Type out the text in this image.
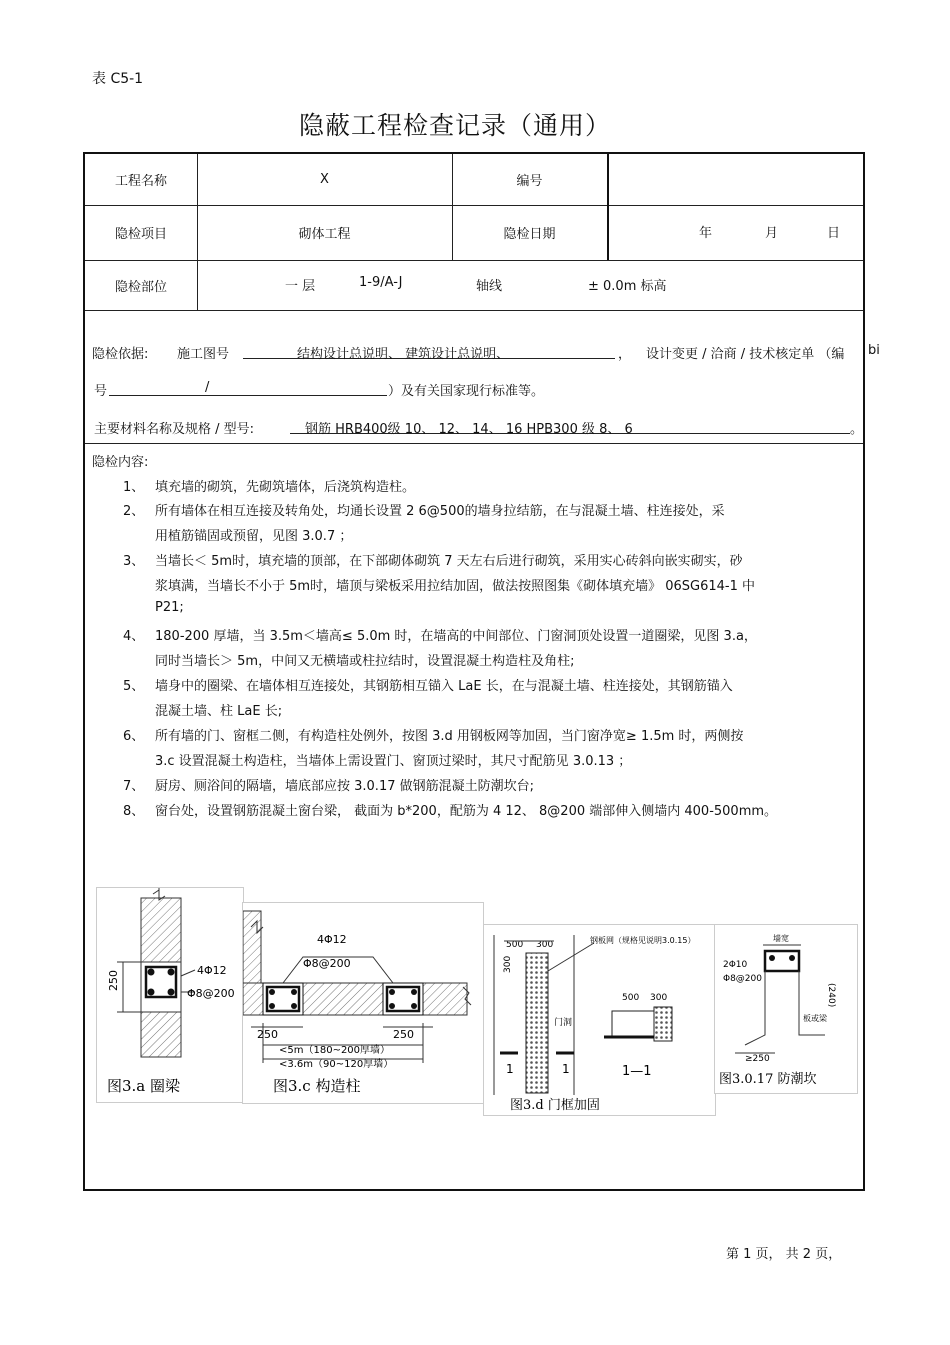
表 C5-1
隐蔽工程检查记录（通用）
工程名称	X	编号
隐检项目	砌体工程	隐检日期	年	月	日
隐检部位	一 层	1-9/A-J	轴线	± 0.0m 标高
隐检依据: 施工图号	结构设计总说明、 建筑设计总说明、	， 设计变更 / 洽商 / 技术核定单 （编 bi
号	/	）及有关国家现行标准等。
主要材料名称及规格 / 型号:	钢筋 HRB400级 10、 12、 14、 16 HPB300 级 8、 6	。
隐检内容:
1、 填充墙的砌筑，先砌筑墙体，后浇筑构造柱。
2、 所有墙体在相互连接及转角处，均通长设置 2 6@500的墙身拉结筋，在与混凝土墙、柱连接处，采
用植筋锚固或预留，见图 3.0.7 ；
3、 当墙长＜ 5m时，填充墙的顶部，在下部砌体砌筑 7 天左右后进行砌筑，采用实心砖斜向嵌实砌实，砂
浆填满，当墙长不小于 5m时，墙顶与梁板采用拉结加固，做法按照图集《砌体填充墙》 06SG614-1 中
P21;
4、 180-200 厚墙，当 3.5m＜墙高≤ 5.0m 时，在墙高的中间部位、门窗洞顶处设置一道圈梁，见图 3.a，
同时当墙长＞ 5m，中间又无横墙或柱拉结时，设置混凝土构造柱及角柱;
5、 墙身中的圈梁、在墙体相互连接处，其钢筋相互锚入 LaE 长，在与混凝土墙、柱连接处，其钢筋锚入
混凝土墙、柱 LaE 长;
6、 所有墙的门、窗框二侧，有构造柱处例外，按图 3.d 用钢板网等加固，当门窗净宽≥ 1.5m 时，两侧按
3.c 设置混凝土构造柱，当墙体上需设置门、窗顶过梁时，其尺寸配筋见 3.0.13 ；
7、 厨房、厕浴间的隔墙，墙底部应按 3.0.17 做钢筋混凝土防潮坎台;
8、 窗台处，设置钢筋混凝土窗台梁， 截面为 b*200，配筋为 4 12、 8@200 端部伸入侧墙内 400-500mm。
250	4Φ12
Φ8@200
图3.a 圈梁
4Φ12
Φ8@200
250	250
<5m（180~200厚墙）
<3.6m（90~120厚墙）
图3.c 构造柱
500 300
300
钢板网（规格见说明3.0.15）
门洞
1	1
500 300
1—1
图3.d 门框加固
墙宽
2Φ10
Φ8@200
(240)
板或梁
≥250
图3.0.17 防潮坎
第 1 页， 共 2 页，
